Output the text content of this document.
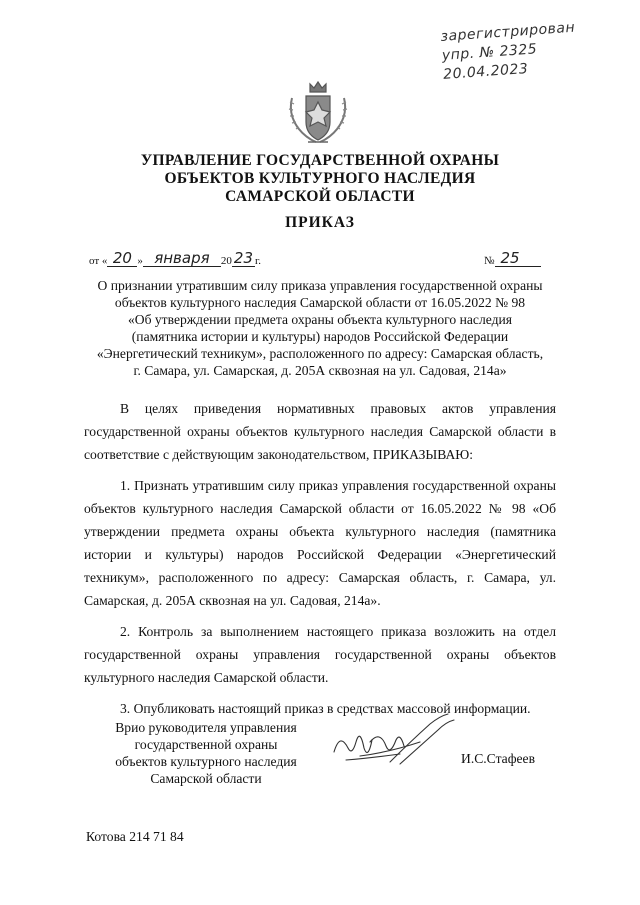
зарегистрирован
упр. № 2325
20.04.2023
УПРАВЛЕНИЕ ГОСУДАРСТВЕННОЙ ОХРАНЫ
ОБЪЕКТОВ КУЛЬТУРНОГО НАСЛЕДИЯ
САМАРСКОЙ ОБЛАСТИ
ПРИКАЗ
от « 20 » января	20 23 г.	№ 25
О признании утратившим силу приказа управления государственной охраны
объектов культурного наследия Самарской области от 16.05.2022 № 98
«Об утверждении предмета охраны объекта культурного наследия
(памятника истории и культуры) народов Российской Федерации
«Энергетический техникум», расположенного по адресу: Самарская область,
г. Самара, ул. Самарская, д. 205А сквозная на ул. Садовая, 214а»

В целях приведения нормативных правовых актов управления государственной охраны объектов культурного наследия Самарской области в соответствие с действующим законодательством, ПРИКАЗЫВАЮ:

1. Признать утратившим силу приказ управления государственной охраны объектов культурного наследия Самарской области от 16.05.2022 № 98 «Об утверждении предмета охраны объекта культурного наследия (памятника истории и культуры) народов Российской Федерации «Энергетический техникум», расположенного по адресу: Самарская область, г. Самара, ул. Самарская, д. 205А сквозная на ул. Садовая, 214а».

2. Контроль за выполнением настоящего приказа возложить на отдел государственной охраны управления государственной охраны объектов культурного наследия Самарской области.

3. Опубликовать настоящий приказ в средствах массовой информации.

Врио руководителя управления
государственной охраны
объектов культурного наследия
Самарской области
И.С.Стафеев
Котова 214 71 84
